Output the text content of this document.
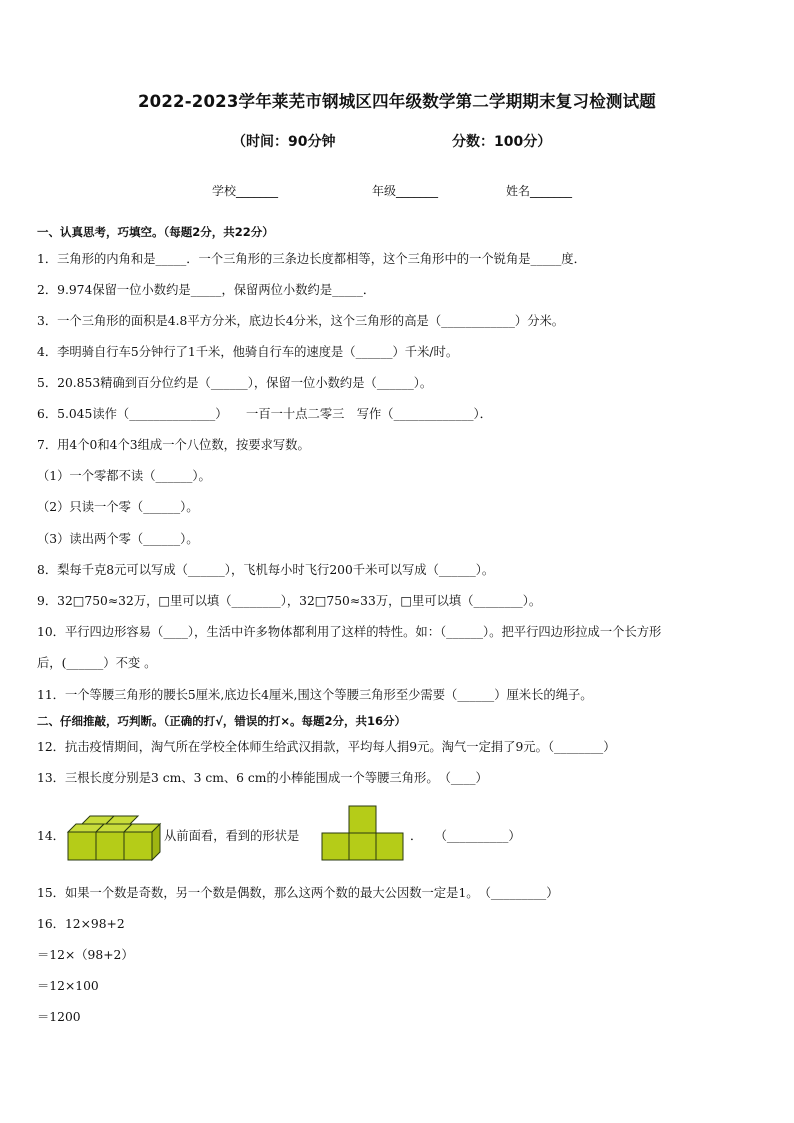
2022-2023学年莱芜市钢城区四年级数学第二学期期末复习检测试题
（时间：90分钟	分数：100分）
学校_______	年级_______	姓名_______
一、认真思考，巧填空。（每题2分，共22分）
1．三角形的内角和是_____．一个三角形的三条边长度都相等，这个三角形中的一个锐角是_____度．
2．9.974保留一位小数约是_____，保留两位小数约是_____．
3．一个三角形的面积是4.8平方分米，底边长4分米，这个三角形的高是（____________）分米。
4．李明骑自行车5分钟行了1千米，他骑自行车的速度是（______）千米/时。
5．20.853精确到百分位约是（______），保留一位小数约是（______）。
6．5.045读作（______________）　　一百一十点二零三　写作（_____________）．
7．用4个0和4个3组成一个八位数，按要求写数。
（1）一个零都不读（______）。
（2）只读一个零（______）。
（3）读出两个零（______）。
8．梨每千克8元可以写成（______），飞机每小时飞行200千米可以写成（______）。
9．32□750≈32万，□里可以填（________），32□750≈33万，□里可以填（________）。
10．平行四边形容易（____），生活中许多物体都利用了这样的特性。如：（______）。把平行四边形拉成一个长方形
后，(______）不变 。
11．一个等腰三角形的腰长5厘米,底边长4厘米,围这个等腰三角形至少需要（______）厘米长的绳子。
二、仔细推敲，巧判断。（正确的打√，错误的打×。每题2分，共16分）
12．抗击疫情期间，淘气所在学校全体师生给武汉捐款，平均每人捐9元。淘气一定捐了9元。（________）
13．三根长度分别是3 cm、3 cm、6 cm的小棒能围成一个等腰三角形。　（____）
14．	从前面看，看到的形状是	．　　（__________）
15．如果一个数是奇数，另一个数是偶数，那么这两个数的最大公因数一定是1。　（_________）
16．12×98+2
＝12×（98+2）
＝12×100
＝1200
